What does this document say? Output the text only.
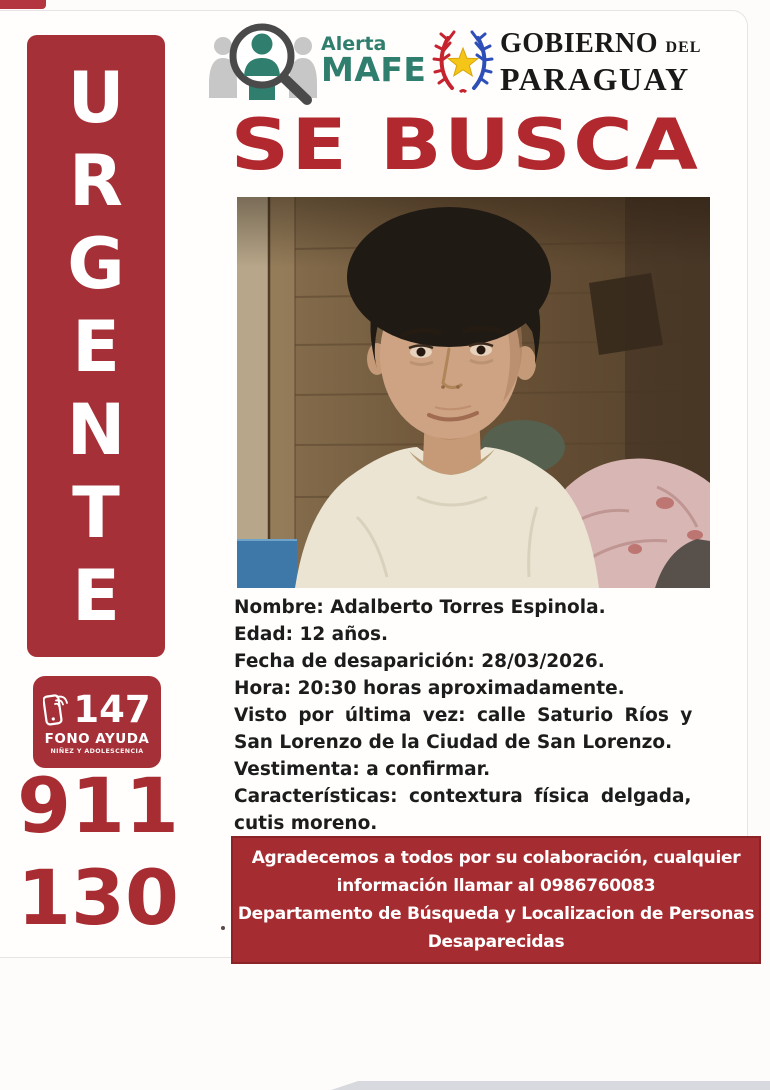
URGENTE
147
FONO AYUDA
NIÑEZ Y ADOLESCENCIA
911
130
Alerta
MAFE
GOBIERNO DEL
PARAGUAY
SE BUSCA
Nombre: Adalberto Torres Espinola.
Edad: 12 años.
Fecha de desaparición: 28/03/2026.
Hora: 20:30 horas aproximadamente.
Visto por última vez: calle Saturio Ríos y
San Lorenzo de la Ciudad de San Lorenzo.
Vestimenta: a confirmar.
Características: contextura física delgada,
cutis moreno.
Agradecemos a todos por su colaboración, cualquier
información llamar al 0986760083
Departamento de Búsqueda y Localizacion de Personas
Desaparecidas
